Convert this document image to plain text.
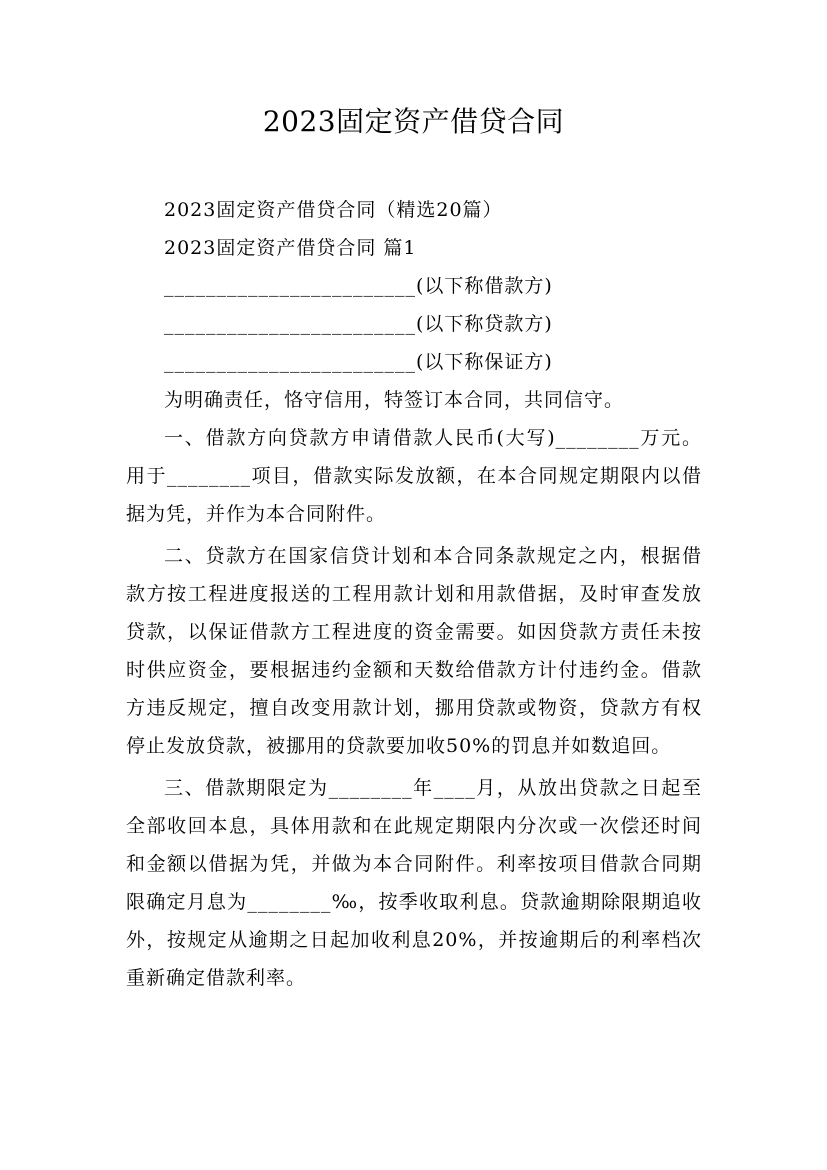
2023固定资产借贷合同

2023固定资产借贷合同（精选20篇）

2023固定资产借贷合同 篇1

________________________(以下称借款方)

________________________(以下称贷款方)

________________________(以下称保证方)

为明确责任，恪守信用，特签订本合同，共同信守。

一、借款方向贷款方申请借款人民币(大写)________万元。用于________项目，借款实际发放额，在本合同规定期限内以借据为凭，并作为本合同附件。

二、贷款方在国家信贷计划和本合同条款规定之内，根据借款方按工程进度报送的工程用款计划和用款借据，及时审查发放贷款，以保证借款方工程进度的资金需要。如因贷款方责任未按时供应资金，要根据违约金额和天数给借款方计付违约金。借款方违反规定，擅自改变用款计划，挪用贷款或物资，贷款方有权停止发放贷款，被挪用的贷款要加收50%的罚息并如数追回。

三、借款期限定为________年____月，从放出贷款之日起至全部收回本息，具体用款和在此规定期限内分次或一次偿还时间和金额以借据为凭，并做为本合同附件。利率按项目借款合同期限确定月息为________‰，按季收取利息。贷款逾期除限期追收外，按规定从逾期之日起加收利息20%，并按逾期后的利率档次重新确定借款利率。
